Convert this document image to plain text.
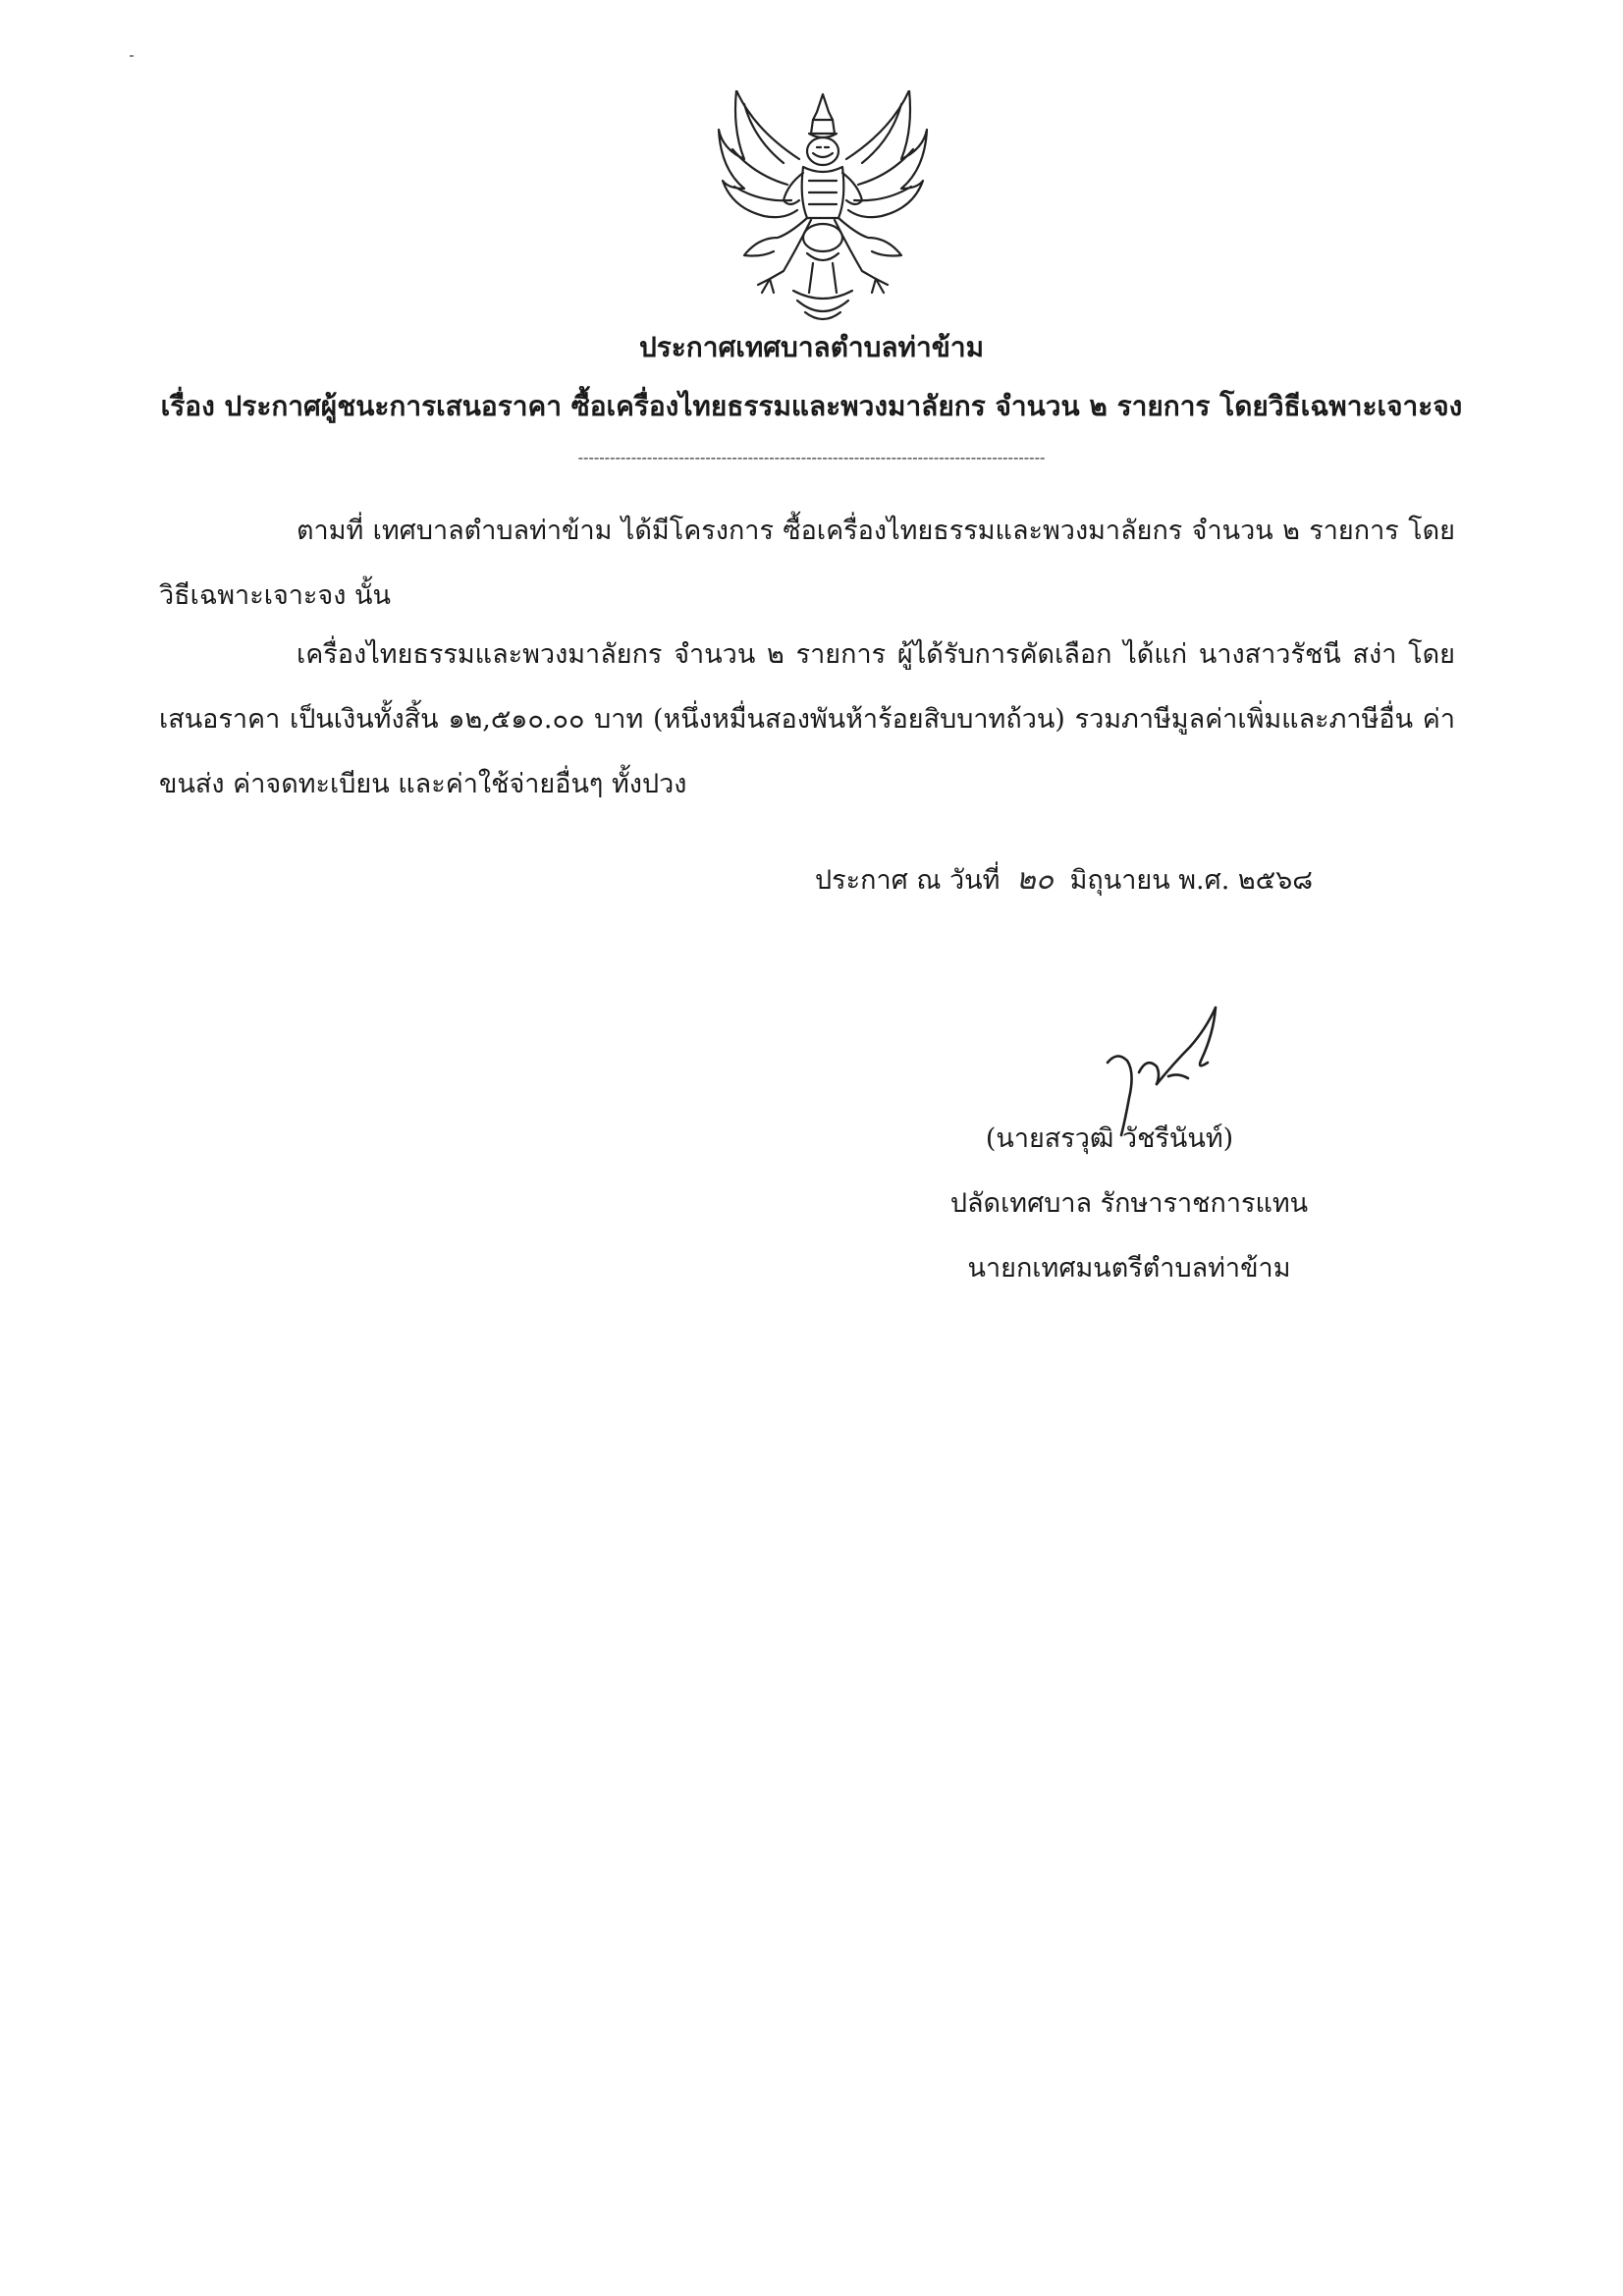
ประกาศเทศบาลตำบลท่าข้าม
เรื่อง ประกาศผู้ชนะการเสนอราคา ซื้อเครื่องไทยธรรมและพวงมาลัยกร จำนวน ๒ รายการ โดยวิธีเฉพาะเจาะจง
----------------------------------------------------------------------------------------
ตามที่ เทศบาลตำบลท่าข้าม ได้มีโครงการ ซื้อเครื่องไทยธรรมและพวงมาลัยกร จำนวน ๒ รายการ โดยวิธีเฉพาะเจาะจง นั้น
เครื่องไทยธรรมและพวงมาลัยกร จำนวน ๒ รายการ ผู้ได้รับการคัดเลือก ได้แก่ นางสาวรัชนี สง่า โดยเสนอราคา เป็นเงินทั้งสิ้น ๑๒,๕๑๐.๐๐ บาท (หนึ่งหมื่นสองพันห้าร้อยสิบบาทถ้วน) รวมภาษีมูลค่าเพิ่มและภาษีอื่น ค่าขนส่ง ค่าจดทะเบียน และค่าใช้จ่ายอื่นๆ ทั้งปวง
ประกาศ ณ วันที่ ๒๐ มิถุนายน พ.ศ. ๒๕๖๘
(นายสรวุฒิ วัชรีนันท์)
ปลัดเทศบาล รักษาราชการแทน
นายกเทศมนตรีตำบลท่าข้าม
